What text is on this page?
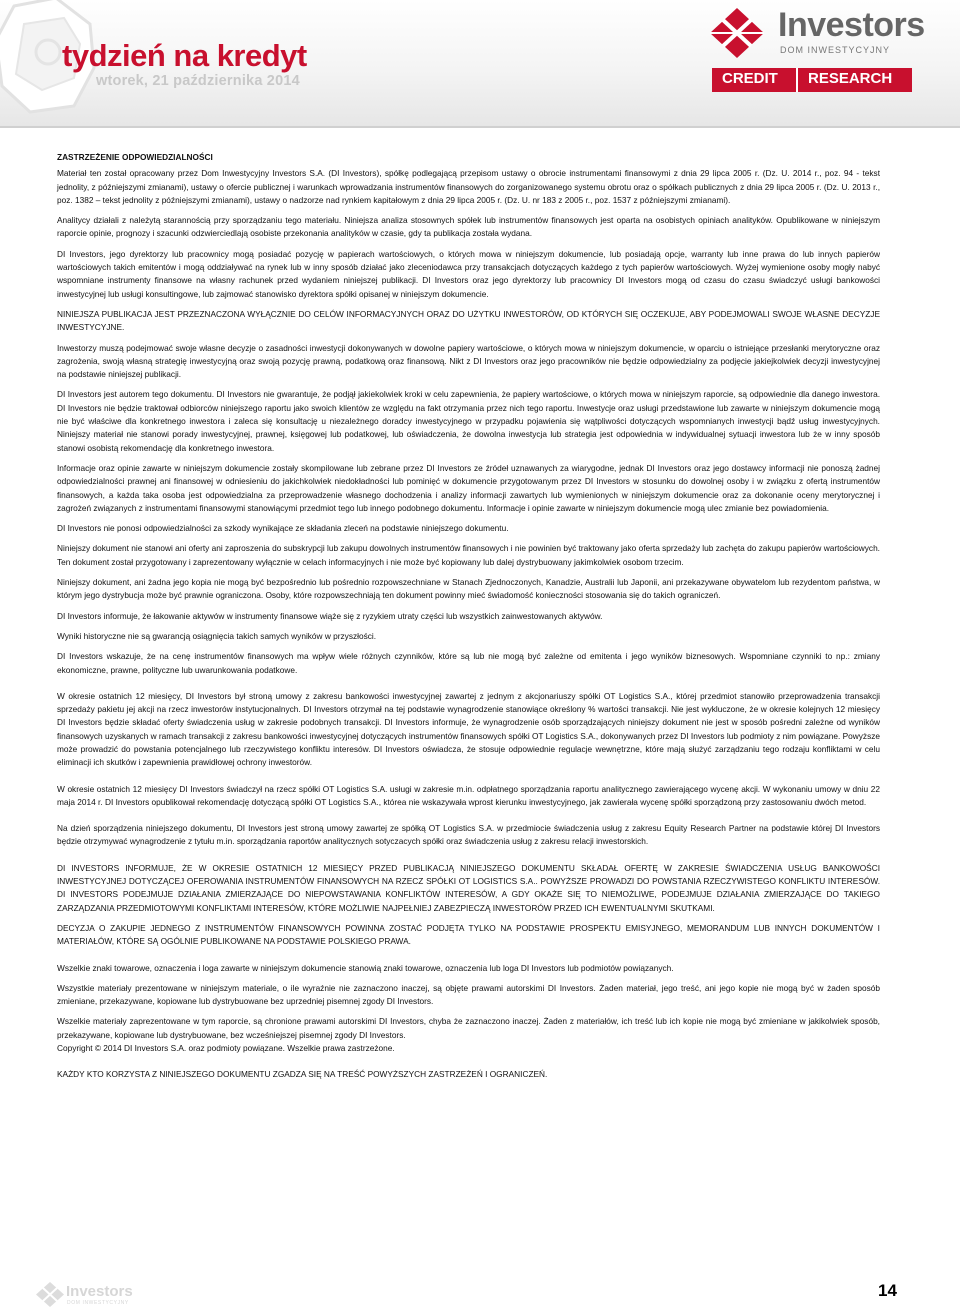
tydzień na kredyt
wtorek, 21 października 2014
Investors
DOM INWESTYCYJNY
CREDIT RESEARCH
ZASTRZEŻENIE ODPOWIEDZIALNOŚCI

Materiał ten został opracowany przez Dom Inwestycyjny Investors S.A. (DI Investors), spółkę podlegającą przepisom ustawy o obrocie instrumentami finansowymi z dnia 29 lipca 2005 r. (Dz. U. 2014 r., poz. 94 - tekst jednolity, z późniejszymi zmianami), ustawy o ofercie publicznej i warunkach wprowadzania instrumentów finansowych do zorganizowanego systemu obrotu oraz o spółkach publicznych z dnia 29 lipca 2005 r. (Dz. U. 2013 r., poz. 1382 – tekst jednolity z późniejszymi zmianami), ustawy o nadzorze nad rynkiem kapitałowym z dnia 29 lipca 2005 r. (Dz. U. nr 183 z 2005 r., poz. 1537 z późniejszymi zmianami).

Analitycy działali z należytą starannością przy sporządzaniu tego materiału. Niniejsza analiza stosownych spółek lub instrumentów finansowych jest oparta na osobistych opiniach analityków. Opublikowane w niniejszym raporcie opinie, prognozy i szacunki odzwierciedlają osobiste przekonania analityków w czasie, gdy ta publikacja została wydana.

DI Investors, jego dyrektorzy lub pracownicy mogą posiadać pozycję w papierach wartościowych, o których mowa w niniejszym dokumencie, lub posiadają opcje, warranty lub inne prawa do lub innych papierów wartościowych takich emitentów i mogą oddziaływać na rynek lub w inny sposób działać jako zleceniodawca przy transakcjach dotyczących każdego z tych papierów wartościowych. Wyżej wymienione osoby mogły nabyć wspomniane instrumenty finansowe na własny rachunek przed wydaniem niniejszej publikacji. DI Investors oraz jego dyrektorzy lub pracownicy DI Investors mogą od czasu do czasu świadczyć usługi bankowości inwestycyjnej lub usługi konsultingowe, lub zajmować stanowisko dyrektora spółki opisanej w niniejszym dokumencie.

NINIEJSZA PUBLIKACJA JEST PRZEZNACZONA WYŁĄCZNIE DO CELÓW INFORMACYJNYCH ORAZ DO UŻYTKU INWESTORÓW, OD KTÓRYCH SIĘ OCZEKUJE, ABY PODEJMOWALI SWOJE WŁASNE DECYZJE INWESTYCYJNE.

Inwestorzy muszą podejmować swoje własne decyzje o zasadności inwestycji dokonywanych w dowolne papiery wartościowe, o których mowa w niniejszym dokumencie, w oparciu o istniejące przesłanki merytoryczne oraz zagrożenia, swoją własną strategię inwestycyjną oraz swoją pozycję prawną, podatkową oraz finansową. Nikt z DI Investors oraz jego pracowników nie będzie odpowiedzialny za podjęcie jakiejkolwiek decyzji inwestycyjnej na podstawie niniejszej publikacji.

DI Investors jest autorem tego dokumentu. DI Investors nie gwarantuje, że podjął jakiekolwiek kroki w celu zapewnienia, że papiery wartościowe, o których mowa w niniejszym raporcie, są odpowiednie dla danego inwestora. DI Investors nie będzie traktował odbiorców niniejszego raportu jako swoich klientów ze względu na fakt otrzymania przez nich tego raportu. Inwestycje oraz usługi przedstawione lub zawarte w niniejszym dokumencie mogą nie być właściwe dla konkretnego inwestora i zaleca się konsultację u niezależnego doradcy inwestycyjnego w przypadku pojawienia się wątpliwości dotyczących wspomnianych inwestycji bądź usług inwestycyjnych. Niniejszy materiał nie stanowi porady inwestycyjnej, prawnej, księgowej lub podatkowej, lub oświadczenia, że dowolna inwestycja lub strategia jest odpowiednia w indywidualnej sytuacji inwestora lub że w inny sposób stanowi osobistą rekomendację dla konkretnego inwestora.

Informacje oraz opinie zawarte w niniejszym dokumencie zostały skompilowane lub zebrane przez DI Investors ze źródeł uznawanych za wiarygodne, jednak DI Investors oraz jego dostawcy informacji nie ponoszą żadnej odpowiedzialności prawnej ani finansowej w odniesieniu do jakichkolwiek niedokładności lub pominięć w dokumencie przygotowanym przez DI Investors w stosunku do dowolnej osoby i w związku z ofertą instrumentów finansowych, a każda taka osoba jest odpowiedzialna za przeprowadzenie własnego dochodzenia i analizy informacji zawartych lub wymienionych w niniejszym dokumencie oraz za dokonanie oceny merytorycznej i zagrożeń związanych z instrumentami finansowymi stanowiącymi przedmiot tego lub innego podobnego dokumentu. Informacje i opinie zawarte w niniejszym dokumencie mogą ulec zmianie bez powiadomienia.

DI Investors nie ponosi odpowiedzialności za szkody wynikające ze składania zleceń na podstawie niniejszego dokumentu.

Niniejszy dokument nie stanowi ani oferty ani zaproszenia do subskrypcji lub zakupu dowolnych instrumentów finansowych i nie powinien być traktowany jako oferta sprzedaży lub zachęta do zakupu papierów wartościowych. Ten dokument został przygotowany i zaprezentowany wyłącznie w celach informacyjnych i nie może być kopiowany lub dalej dystrybuowany jakimkolwiek osobom trzecim.

Niniejszy dokument, ani żadna jego kopia nie mogą być bezpośrednio lub pośrednio rozpowszechniane w Stanach Zjednoczonych, Kanadzie, Australii lub Japonii, ani przekazywane obywatelom lub rezydentom państwa, w którym jego dystrybucja może być prawnie ograniczona. Osoby, które rozpowszechniają ten dokument powinny mieć świadomość konieczności stosowania się do takich ograniczeń.

DI Investors informuje, że łakowanie aktywów w instrumenty finansowe wiąże się z ryzykiem utraty części lub wszystkich zainwestowanych aktywów.

Wyniki historyczne nie są gwarancją osiągnięcia takich samych wyników w przyszłości.

DI Investors wskazuje, że na cenę instrumentów finansowych ma wpływ wiele różnych czynników, które są lub nie mogą być zależne od emitenta i jego wyników biznesowych. Wspomniane czynniki to np.: zmiany ekonomiczne, prawne, polityczne lub uwarunkowania podatkowe.

W okresie ostatnich 12 miesięcy, DI Investors był stroną umowy z zakresu bankowości inwestycyjnej zawartej z jednym z akcjonariuszy spółki OT Logistics S.A., której przedmiot stanowiło przeprowadzenia transakcji sprzedaży pakietu jej akcji na rzecz inwestorów instytucjonalnych. DI Investors otrzymał na tej podstawie wynagrodzenie stanowiące określony % wartości transakcji. Nie jest wykluczone, że w okresie kolejnych 12 miesięcy DI Investors będzie składać oferty świadczenia usług w zakresie podobnych transakcji. DI Investors informuje, że wynagrodzenie osób sporządzających niniejszy dokument nie jest w sposób pośredni zależne od wyników finansowych uzyskanych w ramach transakcji z zakresu bankowości inwestycyjnej dotyczących instrumentów finansowych spółki OT Logistics S.A., dokonywanych przez DI Investors lub podmioty z nim powiązane. Powyższe może prowadzić do powstania potencjalnego lub rzeczywistego konfliktu interesów. DI Investors oświadcza, że stosuje odpowiednie regulacje wewnętrzne, które mają służyć zarządzaniu tego rodzaju konfliktami w celu eliminacji ich skutków i zapewnienia prawidłowej ochrony inwestorów.

W okresie ostatnich 12 miesięcy DI Investors świadczył na rzecz spółki OT Logistics S.A. usługi w zakresie m.in. odpłatnego sporządzania raportu analitycznego zawierającego wycenę akcji. W wykonaniu umowy w dniu 22 maja 2014 r. DI Investors opublikował rekomendację dotyczącą spółki OT Logistics S.A., którea nie wskazywała wprost kierunku inwestycyjnego, jak zawierała wycenę spółki sporządzoną przy zastosowaniu dwóch metod.

Na dzień sporządzenia niniejszego dokumentu, DI Investors jest stroną umowy zawartej ze spółką OT Logistics S.A. w przedmiocie świadczenia usług z zakresu Equity Research Partner na podstawie której DI Investors będzie otrzymywać wynagrodzenie z tytułu m.in. sporządzania raportów analitycznych sotyczacych spółki oraz świadczenia usług z zakresu relacji inwestorskich.

DI INVESTORS INFORMUJE, ŻE W OKRESIE OSTATNICH 12 MIESIĘCY PRZED PUBLIKACJĄ NINIEJSZEGO DOKUMENTU SKŁADAŁ OFERTĘ W ZAKRESIE ŚWIADCZENIA USŁUG BANKOWOŚCI INWESTYCYJNEJ DOTYCZĄCEJ OFEROWANIA INSTRUMENTÓW FINANSOWYCH NA RZECZ SPÓŁKI OT LOGISTICS S.A.. POWYŻSZE PROWADZI DO POWSTANIA RZECZYWISTEGO KONFLIKTU INTERESÓW. DI INVESTORS PODEJMUJE DZIAŁANIA ZMIERZAJĄCE DO NIEPOWSTAWANIA KONFLIKTÓW INTERESÓW, A GDY OKAŻE SIĘ TO NIEMOŻLIWE, PODEJMUJE DZIAŁANIA ZMIERZAJĄCE DO TAKIEGO ZARZĄDZANIA PRZEDMIOTOWYMI KONFLIKTAMI INTERESÓW, KTÓRE MOŻLIWIE NAJPEŁNIEJ ZABEZPIECZĄ INWESTORÓW PRZED ICH EWENTUALNYMI SKUTKAMI.

DECYZJA O ZAKUPIE JEDNEGO Z INSTRUMENTÓW FINANSOWYCH POWINNA ZOSTAĆ PODJĘTA TYLKO NA PODSTAWIE PROSPEKTU EMISYJNEGO, MEMORANDUM LUB INNYCH DOKUMENTÓW I MATERIAŁÓW, KTÓRE SĄ OGÓLNIE PUBLIKOWANE NA PODSTAWIE POLSKIEGO PRAWA.

Wszelkie znaki towarowe, oznaczenia i loga zawarte w niniejszym dokumencie stanowią znaki towarowe, oznaczenia lub loga DI Investors lub podmiotów powiązanych.

Wszystkie materiały prezentowane w niniejszym materiale, o ile wyraźnie nie zaznaczono inaczej, są objęte prawami autorskimi DI Investors. Żaden materiał, jego treść, ani jego kopie nie mogą być w żaden sposób zmieniane, przekazywane, kopiowane lub dystrybuowane bez uprzedniej pisemnej zgody DI Investors.

Wszelkie materiały zaprezentowane w tym raporcie, są chronione prawami autorskimi DI Investors, chyba że zaznaczono inaczej. Żaden z materiałów, ich treść lub ich kopie nie mogą być zmieniane w jakikolwiek sposób, przekazywane, kopiowane lub dystrybuowane, bez wcześniejszej pisemnej zgody DI Investors.

Copyright © 2014 DI Investors S.A. oraz podmioty powiązane. Wszelkie prawa zastrzeżone.

KAŻDY KTO KORZYSTA Z NINIEJSZEGO DOKUMENTU ZGADZA SIĘ NA TREŚĆ POWYŻSZYCH ZASTRZEŻEŃ I OGRANICZEŃ.

Investors
DOM INWESTYCYJNY
14
